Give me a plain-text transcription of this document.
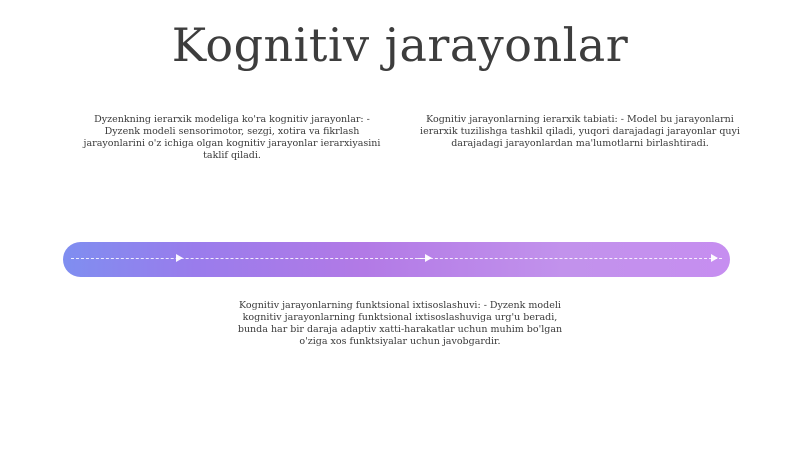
Kognitiv jarayonlar
Dyzenkning ierarxik modeliga ko'ra kognitiv jarayonlar: - Dyzenk modeli sensorimotor, sezgi, xotira va fikrlash jarayonlarini o'z ichiga olgan kognitiv jarayonlar ierarxiyasini taklif qiladi.
Kognitiv jarayonlarning ierarxik tabiati: - Model bu jarayonlarni ierarxik tuzilishga tashkil qiladi, yuqori darajadagi jarayonlar quyi darajadagi jarayonlardan ma'lumotlarni birlashtiradi.
Kognitiv jarayonlarning funktsional ixtisoslashuvi: - Dyzenk modeli kognitiv jarayonlarning funktsional ixtisoslashuviga urg'u beradi, bunda har bir daraja adaptiv xatti-harakatlar uchun muhim bo'lgan o'ziga xos funktsiyalar uchun javobgardir.
